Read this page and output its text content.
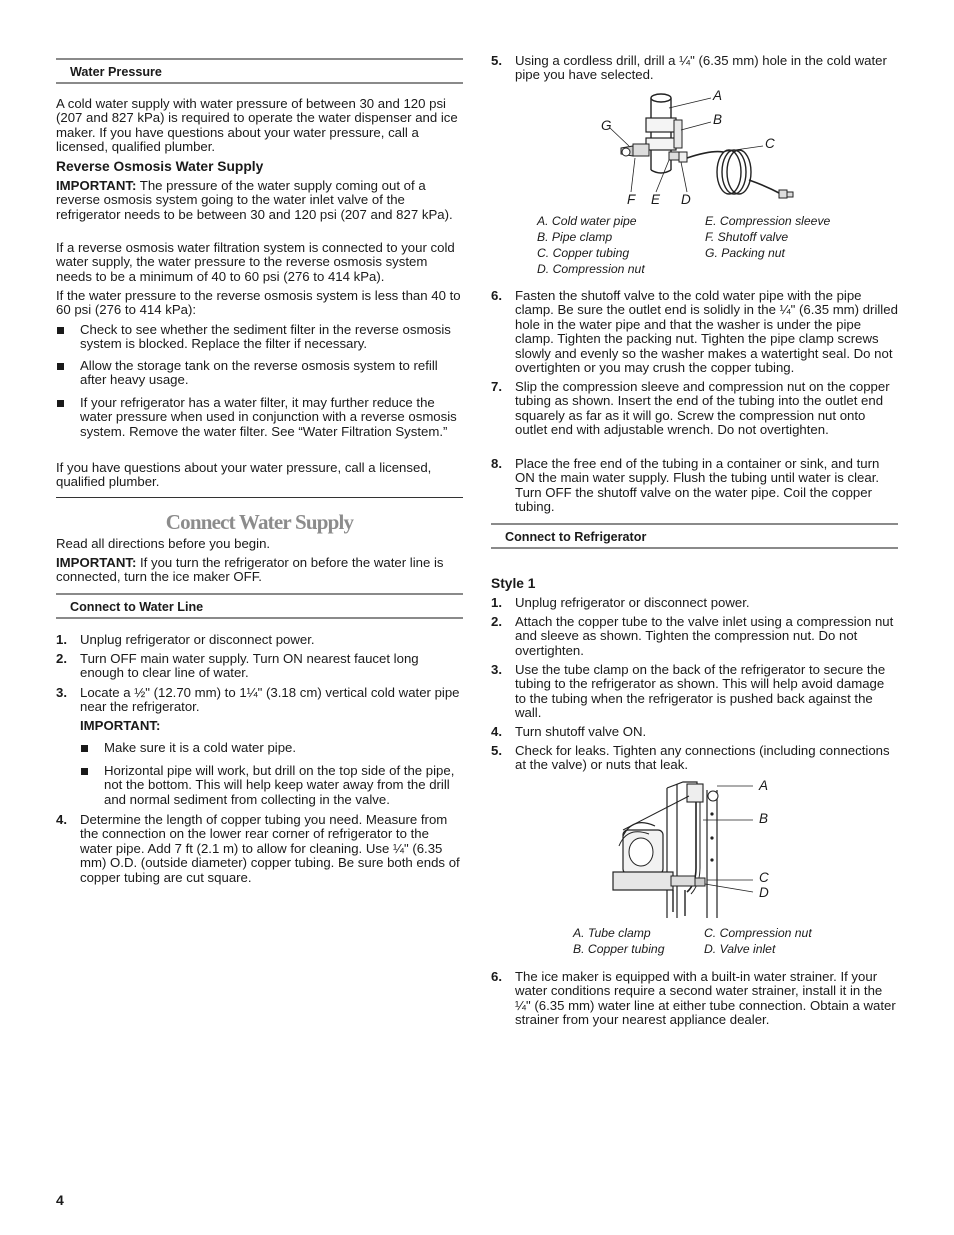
Water Pressure

A cold water supply with water pressure of between 30 and 120 psi (207 and 827 kPa) is required to operate the water dispenser and ice maker. If you have questions about your water pressure, call a licensed, qualified plumber.

Reverse Osmosis Water Supply

IMPORTANT: The pressure of the water supply coming out of a reverse osmosis system going to the water inlet valve of the refrigerator needs to be between 30 and 120 psi (207 and 827 kPa).

If a reverse osmosis water filtration system is connected to your cold water supply, the water pressure to the reverse osmosis system needs to be a minimum of 40 to 60 psi (276 to 414 kPa).

If the water pressure to the reverse osmosis system is less than 40 to 60 psi (276 to 414 kPa):

Check to see whether the sediment filter in the reverse osmosis system is blocked. Replace the filter if necessary.

Allow the storage tank on the reverse osmosis system to refill after heavy usage.

If your refrigerator has a water filter, it may further reduce the water pressure when used in conjunction with a reverse osmosis system. Remove the water filter. See “Water Filtration System.”

If you have questions about your water pressure, call a licensed, qualified plumber.

Connect Water Supply

Read all directions before you begin.

IMPORTANT: If you turn the refrigerator on before the water line is connected, turn the ice maker OFF.

Connect to Water Line
1. Unplug refrigerator or disconnect power.

2. Turn OFF main water supply. Turn ON nearest faucet long enough to clear line of water.

3. Locate a ½" (12.70 mm) to 1¼" (3.18 cm) vertical cold water pipe near the refrigerator.

IMPORTANT:

Make sure it is a cold water pipe.

Horizontal pipe will work, but drill on the top side of the pipe, not the bottom. This will help keep water away from the drill and normal sediment from collecting in the valve.

4. Determine the length of copper tubing you need. Measure from the connection on the lower rear corner of refrigerator to the water pipe. Add 7 ft (2.1 m) to allow for cleaning. Use ¼" (6.35 mm) O.D. (outside diameter) copper tubing. Be sure both ends of copper tubing are cut square.

5. Using a cordless drill, drill a ¼" (6.35 mm) hole in the cold water pipe you have selected.

A
B
C
G
F E D
A. Cold water pipe
B. Pipe clamp
C. Copper tubing
D. Compression nut
E. Compression sleeve
F. Shutoff valve
G. Packing nut
6. Fasten the shutoff valve to the cold water pipe with the pipe clamp. Be sure the outlet end is solidly in the ¼" (6.35 mm) drilled hole in the water pipe and that the washer is under the pipe clamp. Tighten the packing nut. Tighten the pipe clamp screws slowly and evenly so the washer makes a watertight seal. Do not overtighten or you may crush the copper tubing.

7. Slip the compression sleeve and compression nut on the copper tubing as shown. Insert the end of the tubing into the outlet end squarely as far as it will go. Screw the compression nut onto outlet end with adjustable wrench. Do not overtighten.

8. Place the free end of the tubing in a container or sink, and turn ON the main water supply. Flush the tubing until water is clear. Turn OFF the shutoff valve on the water pipe. Coil the copper tubing.

Connect to Refrigerator

Style 1

1. Unplug refrigerator or disconnect power.

2. Attach the copper tube to the valve inlet using a compression nut and sleeve as shown. Tighten the compression nut. Do not overtighten.

3. Use the tube clamp on the back of the refrigerator to secure the tubing to the refrigerator as shown. This will help avoid damage to the tubing when the refrigerator is pushed back against the wall.

4. Turn shutoff valve ON.

5. Check for leaks. Tighten any connections (including connections at the valve) or nuts that leak.

A
B
C
D
A. Tube clamp
B. Copper tubing
C. Compression nut
D. Valve inlet
6. The ice maker is equipped with a built-in water strainer. If your water conditions require a second water strainer, install it in the ¼" (6.35 mm) water line at either tube connection. Obtain a water strainer from your nearest appliance dealer.

4
